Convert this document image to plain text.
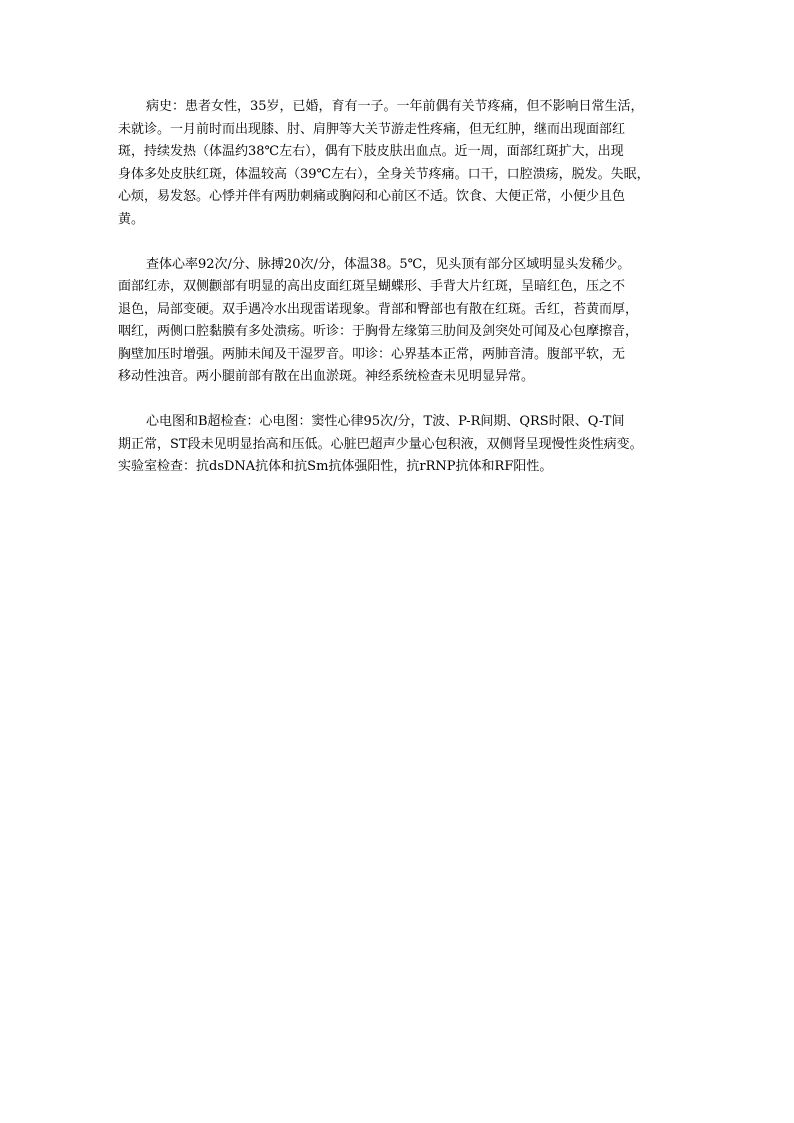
病史：患者女性，35岁，已婚，育有一子。一年前偶有关节疼痛，但不影响日常生活，
未就诊。一月前时而出现膝、肘、肩胛等大关节游走性疼痛，但无红肿，继而出现面部红
斑，持续发热（体温约38℃左右），偶有下肢皮肤出血点。近一周，面部红斑扩大，出现
身体多处皮肤红斑，体温较高（39℃左右），全身关节疼痛。口干，口腔溃疡，脱发。失眠，
心烦，易发怒。心悸并伴有两肋刺痛或胸闷和心前区不适。饮食、大便正常，小便少且色
黄。

查体心率92次/分、脉搏20次/分，体温38。5℃，见头顶有部分区域明显头发稀少。
面部红赤，双侧颧部有明显的高出皮面红斑呈蝴蝶形、手背大片红斑，呈暗红色，压之不
退色，局部变硬。双手遇冷水出现雷诺现象。背部和臀部也有散在红斑。舌红，苔黄而厚，
咽红，两侧口腔黏膜有多处溃疡。听诊：于胸骨左缘第三肋间及剑突处可闻及心包摩擦音，
胸壁加压时增强。两肺未闻及干湿罗音。叩诊：心界基本正常，两肺音清。腹部平软，无
移动性浊音。两小腿前部有散在出血淤斑。神经系统检查未见明显异常。

心电图和B超检查：心电图：窦性心律95次/分，T波、P-R间期、QRS时限、Q-T间
期正常，ST段未见明显抬高和压低。心脏巴超声少量心包积液，双侧肾呈现慢性炎性病变。
实验室检查：抗dsDNA抗体和抗Sm抗体强阳性，抗rRNP抗体和RF阳性。
